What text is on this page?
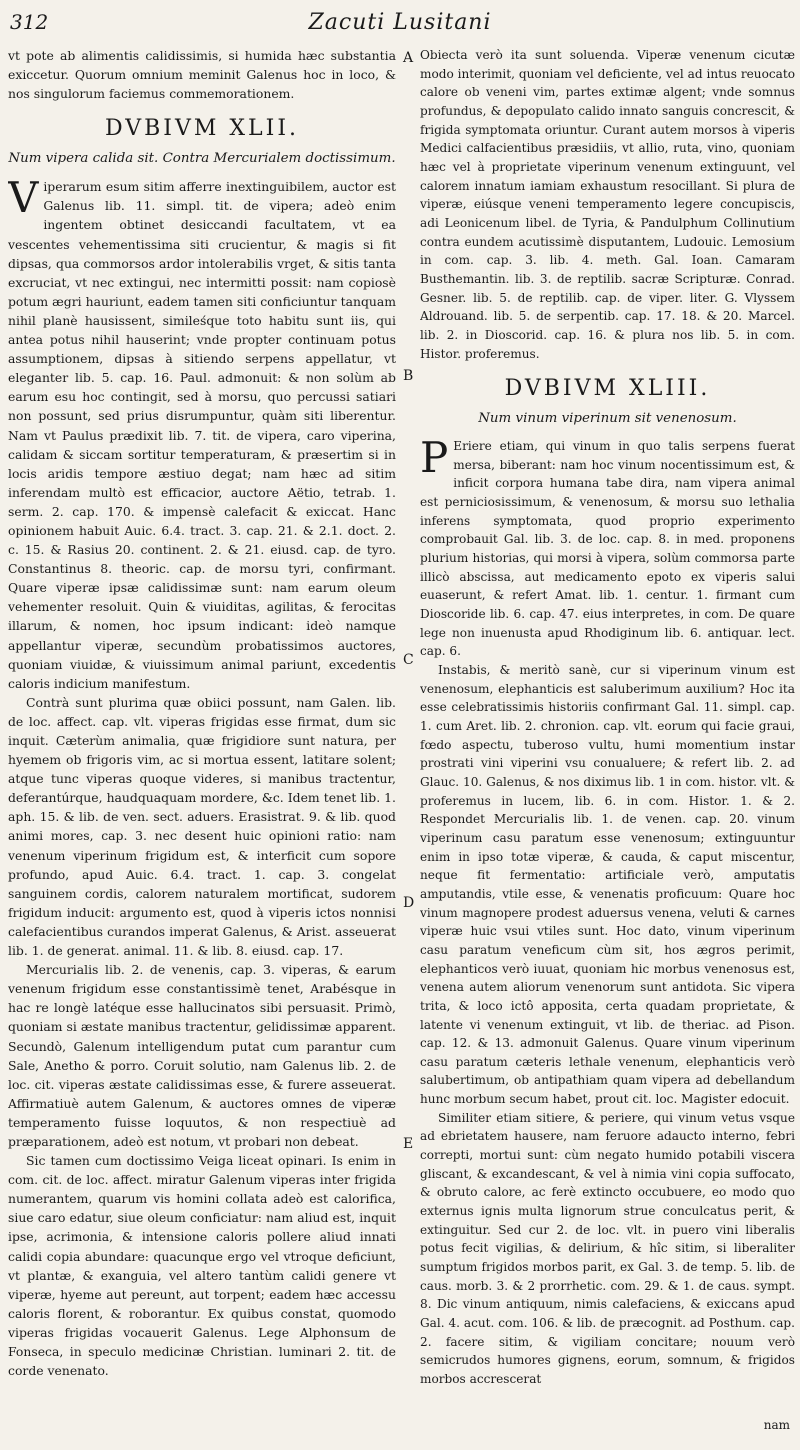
312	Zacuti Lusitani

vt pote ab alimentis calidissimis, si humida hæc substantia exiccetur. Quorum omnium meminit Galenus hoc in loco, & nos singulorum faciemus commemorationem.

DVBIVM XLII.
Num vipera calida sit. Contra Mercurialem doctissimum.

Viperarum esum sitim afferre inextinguibilem, auctor est Galenus lib. 11. simpl. tit. de vipera; adeò enim ingentem obtinet desiccandi facultatem, vt ea vescentes vehementissima siti crucientur, & magis si fit dipsas, qua commorsos ardor intolerabilis vrget, & sitis tanta excruciat, vt nec extingui, nec intermitti possit: nam copiosè potum ægri hauriunt, eadem tamen siti conficiuntur tanquam nihil planè hausissent, simileśque toto habitu sunt iis, qui antea potus nihil hauserint; vnde propter continuam potus assumptionem, dipsas à sitiendo serpens appellatur, vt eleganter lib. 5. cap. 16. Paul. admonuit: & non solùm ab earum esu hoc contingit, sed à morsu, quo percussi satiari non possunt, sed prius disrumpuntur, quàm siti liberentur. Nam vt Paulus prædixit lib. 7. tit. de vipera, caro viperina, calidam & siccam sortitur temperaturam, & præsertim si in locis aridis tempore æstiuo degat; nam hæc ad sitim inferendam multò est efficacior, auctore Aëtio, tetrab. 1. serm. 2. cap. 170. & impensè calefacit & exiccat. Hanc opinionem habuit Auic. 6.4. tract. 3. cap. 21. & 2.1. doct. 2. c. 15. & Rasius 20. continent. 2. & 21. eiusd. cap. de tyro. Constantinus 8. theoric. cap. de morsu tyri, confirmant. Quare viperæ ipsæ calidissimæ sunt: nam earum oleum vehementer resoluit. Quin & viuiditas, agilitas, & ferocitas illarum, & nomen, hoc ipsum indicant: ideò namque appellantur viperæ, secundùm probatissimos auctores, quoniam viuidæ, & viuissimum animal pariunt, excedentis caloris indicium manifestum.

Contrà sunt plurima quæ obiici possunt, nam Galen. lib. de loc. affect. cap. vlt. viperas frigidas esse firmat, dum sic inquit. Cæterùm animalia, quæ frigidiore sunt natura, per hyemem ob frigoris vim, ac si mortua essent, latitare solent; atque tunc viperas quoque videres, si manibus tractentur, deferantúrque, haudquaquam mordere, &c. Idem tenet lib. 1. aph. 15. & lib. de ven. sect. aduers. Erasistrat. 9. & lib. quod animi mores, cap. 3. nec desent huic opinioni ratio: nam venenum viperinum frigidum est, & interficit cum sopore profundo, apud Auic. 6.4. tract. 1. cap. 3. congelat sanguinem cordis, calorem naturalem mortificat, sudorem frigidum inducit: argumento est, quod à viperis ictos nonnisi calefacientibus curandos imperat Galenus, & Arist. asseuerat lib. 1. de generat. animal. 11. & lib. 8. eiusd. cap. 17.

Mercurialis lib. 2. de venenis, cap. 3. viperas, & earum venenum frigidum esse constantissimè tenet, Arabésque in hac re longè latéque esse hallucinatos sibi persuasit. Primò, quoniam si æstate manibus tractentur, gelidissimæ apparent. Secundò, Galenum intelligendum putat cum parantur cum Sale, Anetho & porro. Coruit solutio, nam Galenus lib. 2. de loc. cit. viperas æstate calidissimas esse, & furere asseuerat. Affirmatiuè autem Galenum, & auctores omnes de viperæ temperamento fuisse loquutos, & non respectiuè ad præparationem, adeò est notum, vt probari non debeat.

Sic tamen cum doctissimo Veiga liceat opinari. Is enim in com. cit. de loc. affect. miratur Galenum viperas inter frigida numerantem, quarum vis homini collata adeò est calorifica, siue caro edatur, siue oleum conficiatur: nam aliud est, inquit ipse, acrimonia, & intensione caloris pollere aliud innati calidi copia abundare: quacunque ergo vel vtroque deficiunt, vt plantæ, & exanguia, vel altero tantùm calidi genere vt viperæ, hyeme aut pereunt, aut torpent; eadem hæc accessu caloris florent, & roborantur. Ex quibus constat, quomodo viperas frigidas vocauerit Galenus. Lege Alphonsum de Fonseca, in speculo medicinæ Christian. luminari 2. tit. de corde venenato.

A
B
C
D
E

Obiecta verò ita sunt soluenda. Viperæ venenum cicutæ modo interimit, quoniam vel deficiente, vel ad intus reuocato calore ob veneni vim, partes extimæ algent; vnde somnus profundus, & depopulato calido innato sanguis concrescit, & frigida symptomata oriuntur. Curant autem morsos à viperis Medici calfacientibus præsidiis, vt allio, ruta, vino, quoniam hæc vel à proprietate viperinum venenum extinguunt, vel calorem innatum iamiam exhaustum resocillant. Si plura de viperæ, eiúsque veneni temperamento legere concupiscis, adi Leonicenum libel. de Tyria, & Pandulphum Collinutium contra eundem acutissimè disputantem, Ludouic. Lemosium in com. cap. 3. lib. 4. meth. Gal. Ioan. Camaram Busthemantin. lib. 3. de reptilib. sacræ Scripturæ. Conrad. Gesner. lib. 5. de reptilib. cap. de viper. liter. G. Vlyssem Aldrouand. lib. 5. de serpentib. cap. 17. 18. & 20. Marcel. lib. 2. in Dioscorid. cap. 16. & plura nos lib. 5. in com. Histor. proferemus.

DVBIVM XLIII.
Num vinum viperinum sit venenosum.

P Eriere etiam, qui vinum in quo talis serpens fuerat mersa, biberant: nam hoc vinum nocentissimum est, & inficit corpora humana tabe dira, nam vipera animal est perniciosissimum, & venenosum, & morsu suo lethalia inferens symptomata, quod proprio experimento comprobauit Gal. lib. 3. de loc. cap. 8. in med. proponens plurium historias, qui morsi à vipera, solùm commorsa parte illicò abscissa, aut medicamento epoto ex viperis salui euaserunt, & refert Amat. lib. 1. centur. 1. firmant cum Dioscoride lib. 6. cap. 47. eius interpretes, in com. De quare lege non inuenusta apud Rhodiginum lib. 6. antiquar. lect. cap. 6.

Instabis, & meritò sanè, cur si viperinum vinum est venenosum, elephanticis est saluberimum auxilium? Hoc ita esse celebratissimis historiis confirmant Gal. 11. simpl. cap. 1. cum Aret. lib. 2. chronion. cap. vlt. eorum qui facie graui, fœdo aspectu, tuberoso vultu, humi momentium instar prostrati vini viperini vsu conualuere; & refert lib. 2. ad Glauc. 10. Galenus, & nos diximus lib. 1 in com. histor. vlt. & proferemus in lucem, lib. 6. in com. Histor. 1. & 2. Respondet Mercurialis lib. 1. de venen. cap. 20. vinum viperinum casu paratum esse venenosum; extinguuntur enim in ipso totæ viperæ, & cauda, & caput miscentur, neque fit fermentatio: artificiale verò, amputatis amputandis, vtile esse, & venenatis proficuum: Quare hoc vinum magnopere prodest aduersus venena, veluti & carnes viperæ huic vsui vtiles sunt. Hoc dato, vinum viperinum casu paratum veneficum cùm sit, hos ægros perimit, elephanticos verò iuuat, quoniam hic morbus venenosus est, venena autem aliorum venenorum sunt antidota. Sic vipera trita, & loco ictô apposita, certa quadam proprietate, & latente vi venenum extinguit, vt lib. de theriac. ad Pison. cap. 12. & 13. admonuit Galenus. Quare vinum viperinum casu paratum cæteris lethale venenum, elephanticis verò salubertimum, ob antipathiam quam vipera ad debellandum hunc morbum secum habet, prout cit. loc. Magister edocuit.

Similiter etiam sitiere, & periere, qui vinum vetus vsque ad ebrietatem hausere, nam feruore adaucto interno, febri correpti, mortui sunt: cùm negato humido potabili viscera gliscant, & excandescant, & vel à nimia vini copia suffocato, & obruto calore, ac ferè extincto occubuere, eo modo quo externus ignis multa lignorum strue conculcatus perit, & extinguitur. Sed cur 2. de loc. vlt. in puero vini liberalis potus fecit vigilias, & delirium, & hîc sitim, si liberaliter sumptum frigidos morbos parit, ex Gal. 3. de temp. 5. lib. de caus. morb. 3. & 2 prorrhetic. com. 29. & 1. de caus. sympt. 8. Dic vinum antiquum, nimis calefaciens, & exiccans apud Gal. 4. acut. com. 106. & lib. de præcognit. ad Posthum. cap. 2. facere sitim, & vigiliam concitare; nouum verò semicrudos humores gignens, eorum, somnum, & frigidos morbos accrescerat

nam
